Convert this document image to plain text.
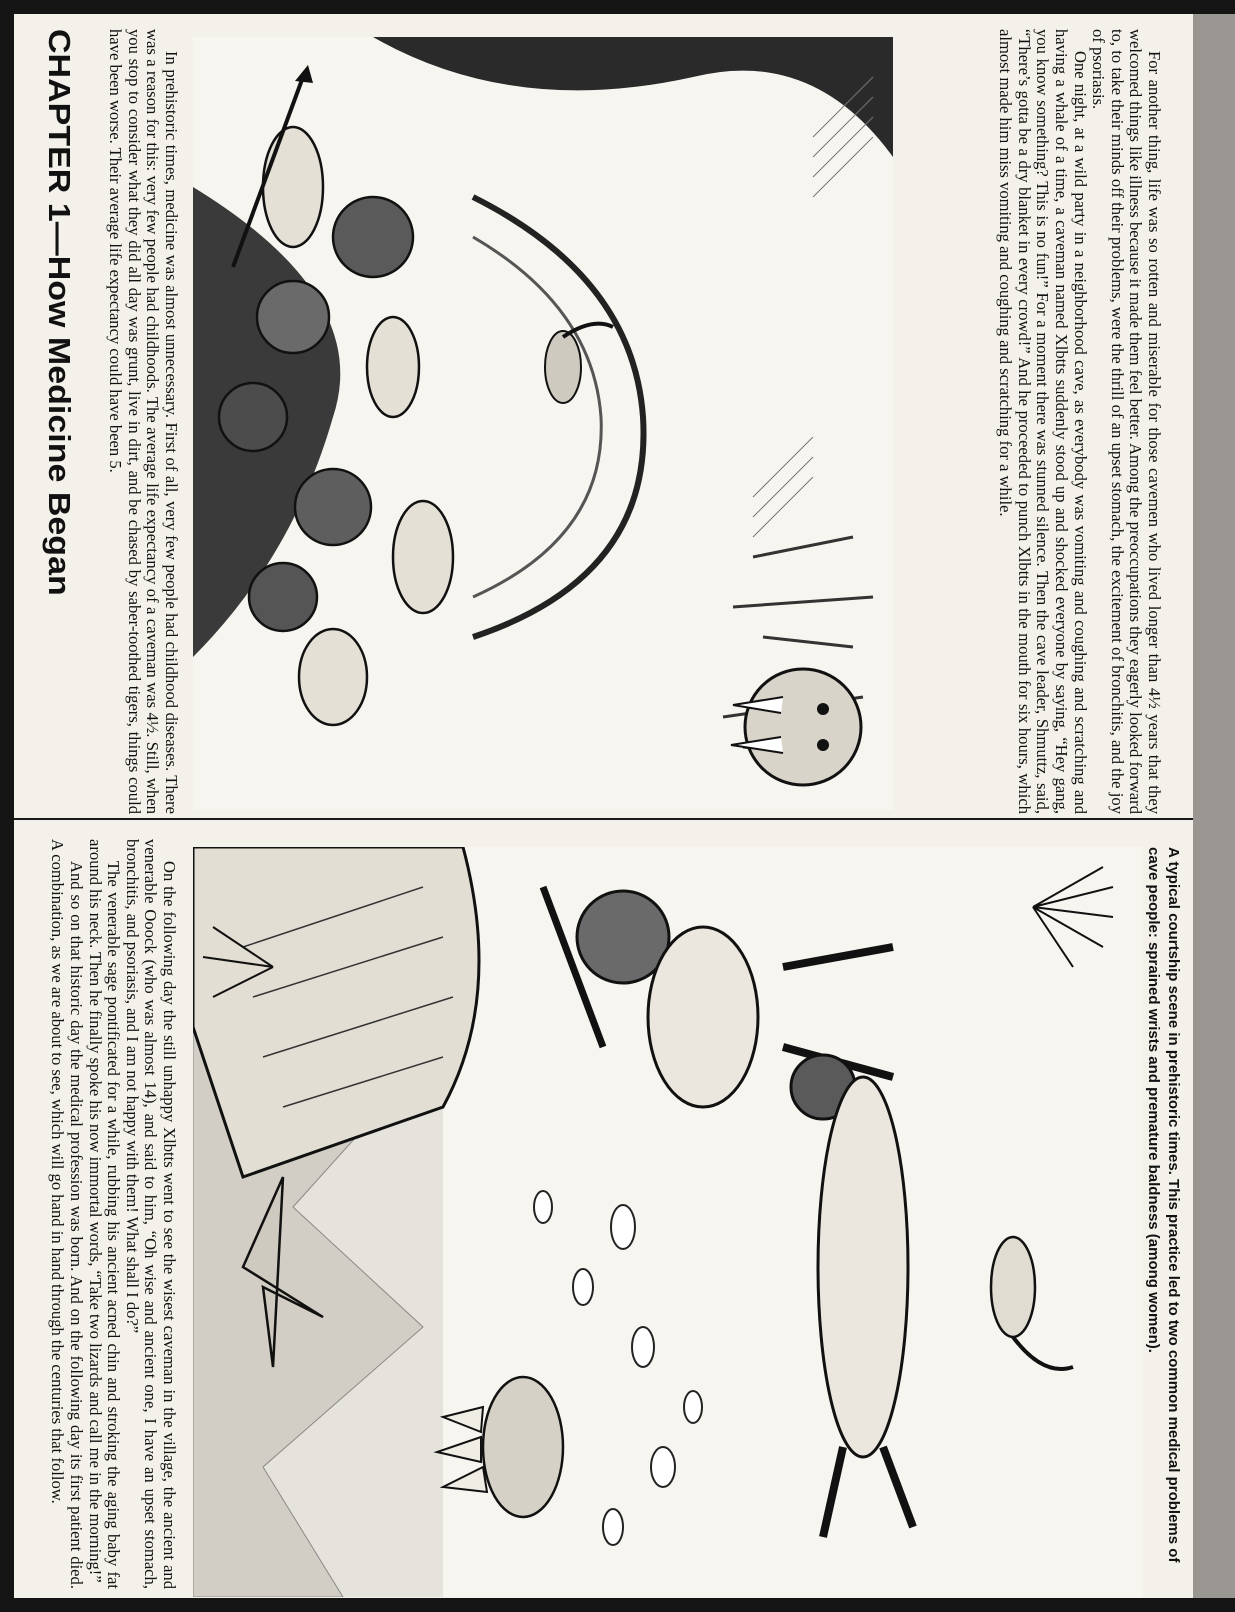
For another thing, life was so rotten and miserable for those cavemen who lived longer than 4½ years that they welcomed things like illness because it made them feel better. Among the preoccupations they eagerly looked forward to, to take their minds off their problems, were the thrill of an upset stomach, the excitement of bronchitis, and the joy of psoriasis.

One night, at a wild party in a neighborhood cave, as everybody was vomiting and coughing and scratching and having a whale of a time, a caveman named Xlbtts suddenly stood up and shocked everyone by saying, “Hey gang, you know something? This is no fun!” For a moment there was stunned silence. Then the cave leader, Shmuttz, said, “There’s gotta be a dry blanket in every crowd!” And he proceeded to punch Xlbtts in the mouth for six hours, which almost made him miss vomiting and coughing and scratching for a while.

In prehistoric times, medicine was almost unnecessary. First of all, very few people had childhood diseases. There was a reason for this: very few people had childhoods. The average life expectancy of a caveman was 4½. Still, when you stop to consider what they did all day was grunt, live in dirt, and be chased by saber-toothed tigers, things could have been worse. Their average life expectancy could have been 5.

CHAPTER 1—How Medicine Began

A typical courtship scene in prehistoric times. This practice led to two common medical problems of cave people: sprained wrists and premature baldness (among women).

On the following day the still unhappy Xlbtts went to see the wisest caveman in the village, the ancient and venerable Ooock (who was almost 14), and said to him, “Oh wise and ancient one, I have an upset stomach, bronchitis, and psoriasis, and I am not happy with them! What shall I do?”

The venerable sage pontificated for a while, rubbing his ancient acned chin and stroking the aging baby fat around his neck. Then he finally spoke his now immortal words, “Take two lizards and call me in the morning!”

And so on that historic day the medical profession was born. And on the following day its first patient died. A combination, as we are about to see, which will go hand in hand through the centuries that follow.
